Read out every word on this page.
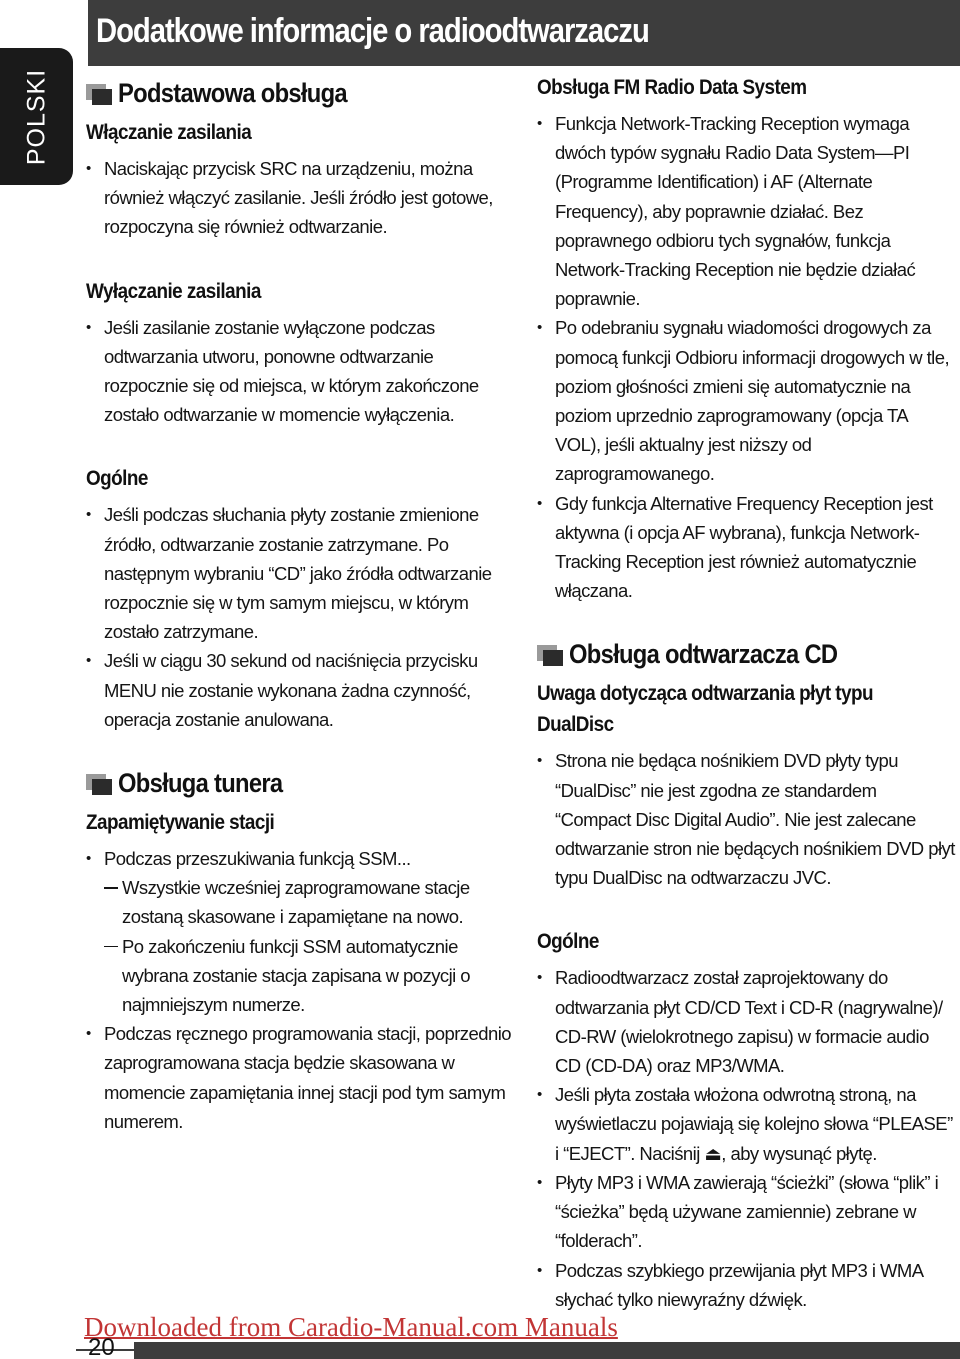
POLSKI
Dodatkowe informacje o radioodtwarzaczu
Podstawowa obsługa
Włączanie zasilania
• Naciskając przycisk SRC na urządzeniu, można również włączyć zasilanie. Jeśli źródło jest gotowe, rozpoczyna się również odtwarzanie.
Wyłączanie zasilania
• Jeśli zasilanie zostanie wyłączone podczas odtwarzania utworu, ponowne odtwarzanie rozpocznie się od miejsca, w którym zakończone zostało odtwarzanie w momencie wyłączenia.
Ogólne
• Jeśli podczas słuchania płyty zostanie zmienione źródło, odtwarzanie zostanie zatrzymane. Po następnym wybraniu “CD” jako źródła odtwarzanie rozpocznie się w tym samym miejscu, w którym zostało zatrzymane.
• Jeśli w ciągu 30 sekund od naciśnięcia przycisku MENU nie zostanie wykonana żadna czynność, operacja zostanie anulowana.
Obsługa tunera
Zapamiętywanie stacji
• Podczas przeszukiwania funkcją SSM...
Wszystkie wcześniej zaprogramowane stacje zostaną skasowane i zapamiętane na nowo.
Po zakończeniu funkcji SSM automatycznie wybrana zostanie stacja zapisana w pozycji o najmniejszym numerze.
• Podczas ręcznego programowania stacji, poprzednio zaprogramowana stacja będzie skasowana w momencie zapamiętania innej stacji pod tym samym numerem.
Obsługa FM Radio Data System
• Funkcja Network-Tracking Reception wymaga dwóch typów sygnału Radio Data System—PI (Programme Identification) i AF (Alternate Frequency), aby poprawnie działać. Bez poprawnego odbioru tych sygnałów, funkcja Network-Tracking Reception nie będzie działać poprawnie.
• Po odebraniu sygnału wiadomości drogowych za pomocą funkcji Odbioru informacji drogowych w tle, poziom głośności zmieni się automatycznie na poziom uprzednio zaprogramowany (opcja TA VOL), jeśli aktualny jest niższy od zaprogramowanego.
• Gdy funkcja Alternative Frequency Reception jest aktywna (i opcja AF wybrana), funkcja Network-Tracking Reception jest również automatycznie włączana.
Obsługa odtwarzacza CD
Uwaga dotycząca odtwarzania płyt typu DualDisc
• Strona nie będąca nośnikiem DVD płyty typu “DualDisc” nie jest zgodna ze standardem “Compact Disc Digital Audio”. Nie jest zalecane odtwarzanie stron nie będących nośnikiem DVD płyt typu DualDisc na odtwarzaczu JVC.
Ogólne
• Radioodtwarzacz został zaprojektowany do odtwarzania płyt CD/CD Text i CD-R (nagrywalne)/ CD-RW (wielokrotnego zapisu) w formacie audio CD (CD-DA) oraz MP3/WMA.
• Jeśli płyta została włożona odwrotną stroną, na wyświetlaczu pojawiają się kolejno słowa “PLEASE” i “EJECT”. Naciśnij ⏏, aby wysunąć płytę.
• Płyty MP3 i WMA zawierają “ścieżki” (słowa “plik” i “ścieżka” będą używane zamiennie) zebrane w “folderach”.
• Podczas szybkiego przewijania płyt MP3 i WMA słychać tylko niewyraźny dźwięk.
Downloaded from Caradio-Manual.com Manuals
20
